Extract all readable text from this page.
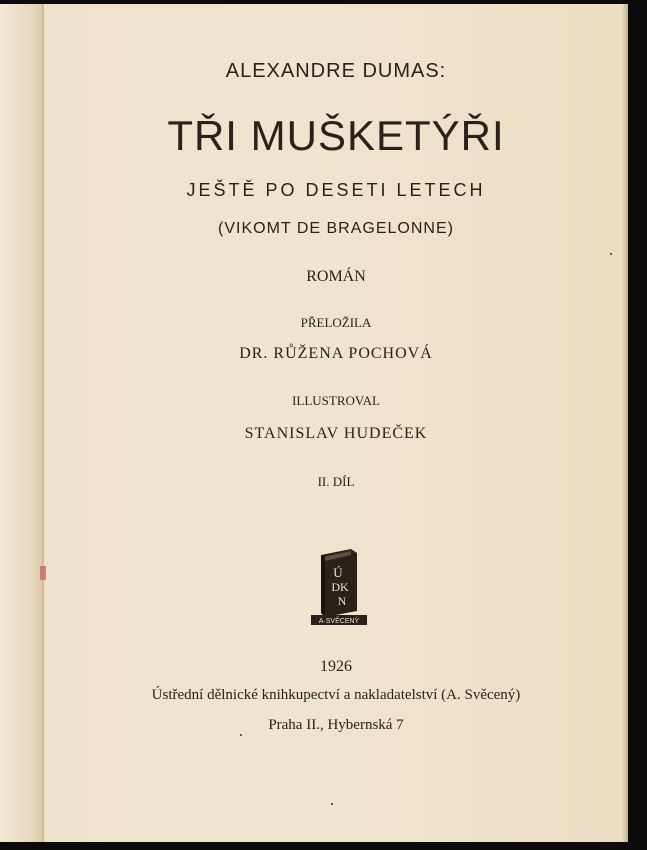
ALEXANDRE DUMAS:
TŘI MUŠKETÝŘI
JEŠTĚ PO DESETI LETECH
(VIKOMT DE BRAGELONNE)
ROMÁN
PŘELOŽILA
DR. RŮŽENA POCHOVÁ
ILLUSTROVAL
STANISLAV HUDEČEK
II. DÍL
Ú
DK
N
A·SVĚCENÝ
1926
Ústřední dělnické knihkupectví a nakladatelství (A. Svěcený)
Praha II., Hybernská 7
